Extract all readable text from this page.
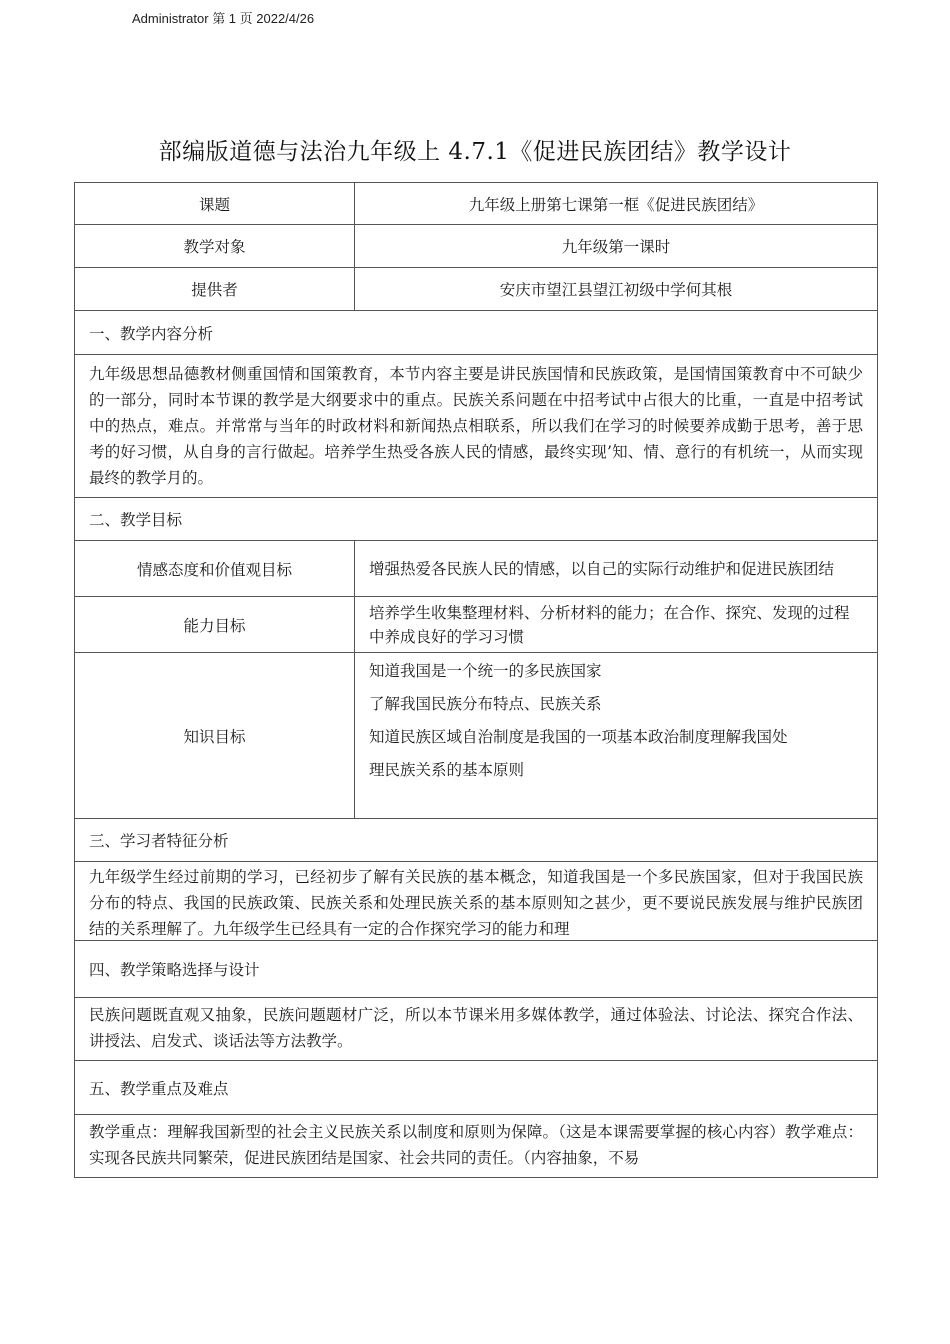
Administrator 第 1 页 2022/4/26
部编版道德与法治九年级上 4.7.1《促进民族团结》教学设计
课题	九年级上册第七课第一框《促进民族团结》
教学对象	九年级第一课时
提供者	安庆市望江县望江初级中学何其根
一、教学内容分析	
九年级思想品德教材侧重国情和国策教育，本节内容主要是讲民族国情和民族政策，是国情国策教育中不可缺少的一部分，同时本节课的教学是大纲要求中的重点。民族关系问题在中招考试中占很大的比重，一直是中招考试中的热点，难点。并常常与当年的时政材料和新闻热点相联系，所以我们在学习的时候要养成勤于思考，善于思考的好习惯，从自身的言行做起。培养学生热受各族人民的情感，最终实现’知、情、意行的有机统一，从而实现最终的教学月的。	
二、教学目标	
情感态度和价值观目标	增强热爱各民族人民的情感，以自己的实际行动维护和促进民族团结
能力目标	培养学生收集整理材料、分析材料的能力；在合作、探究、发现的过程中养成良好的学习习惯
知识目标	知道我国是一个统一的多民族国家
了解我国民族分布特点、民族关系
知道民族区域自治制度是我国的一项基本政治制度理解我国处
理民族关系的基本原则

三、学习者特征分析	

九年级学生经过前期的学习，已经初步了解有关民族的基本概念，知道我国是一个多民族国家，但对于我国民族分布的特点、我国的民族政策、民族关系和处理民族关系的基本原则知之甚少，更不要说民族发展与维护民族团结的关系理解了。九年级学生已经具有一定的合作探究学习的能力和理	

四、教学策略选择与设计	
民族问题既直观又抽象，民族问题题材广泛，所以本节课米用多媒体教学，通过体验法、讨论法、探究合作法、讲授法、启发式、谈话法等方法教学。	
五、教学重点及难点	

教学重点：理解我国新型的社会主义民族关系以制度和原则为保障。（这是本课需要掌握的核心内容）教学难点：实现各民族共同繁荣，促进民族团结是国家、社会共同的责任。（内容抽象，不易	
